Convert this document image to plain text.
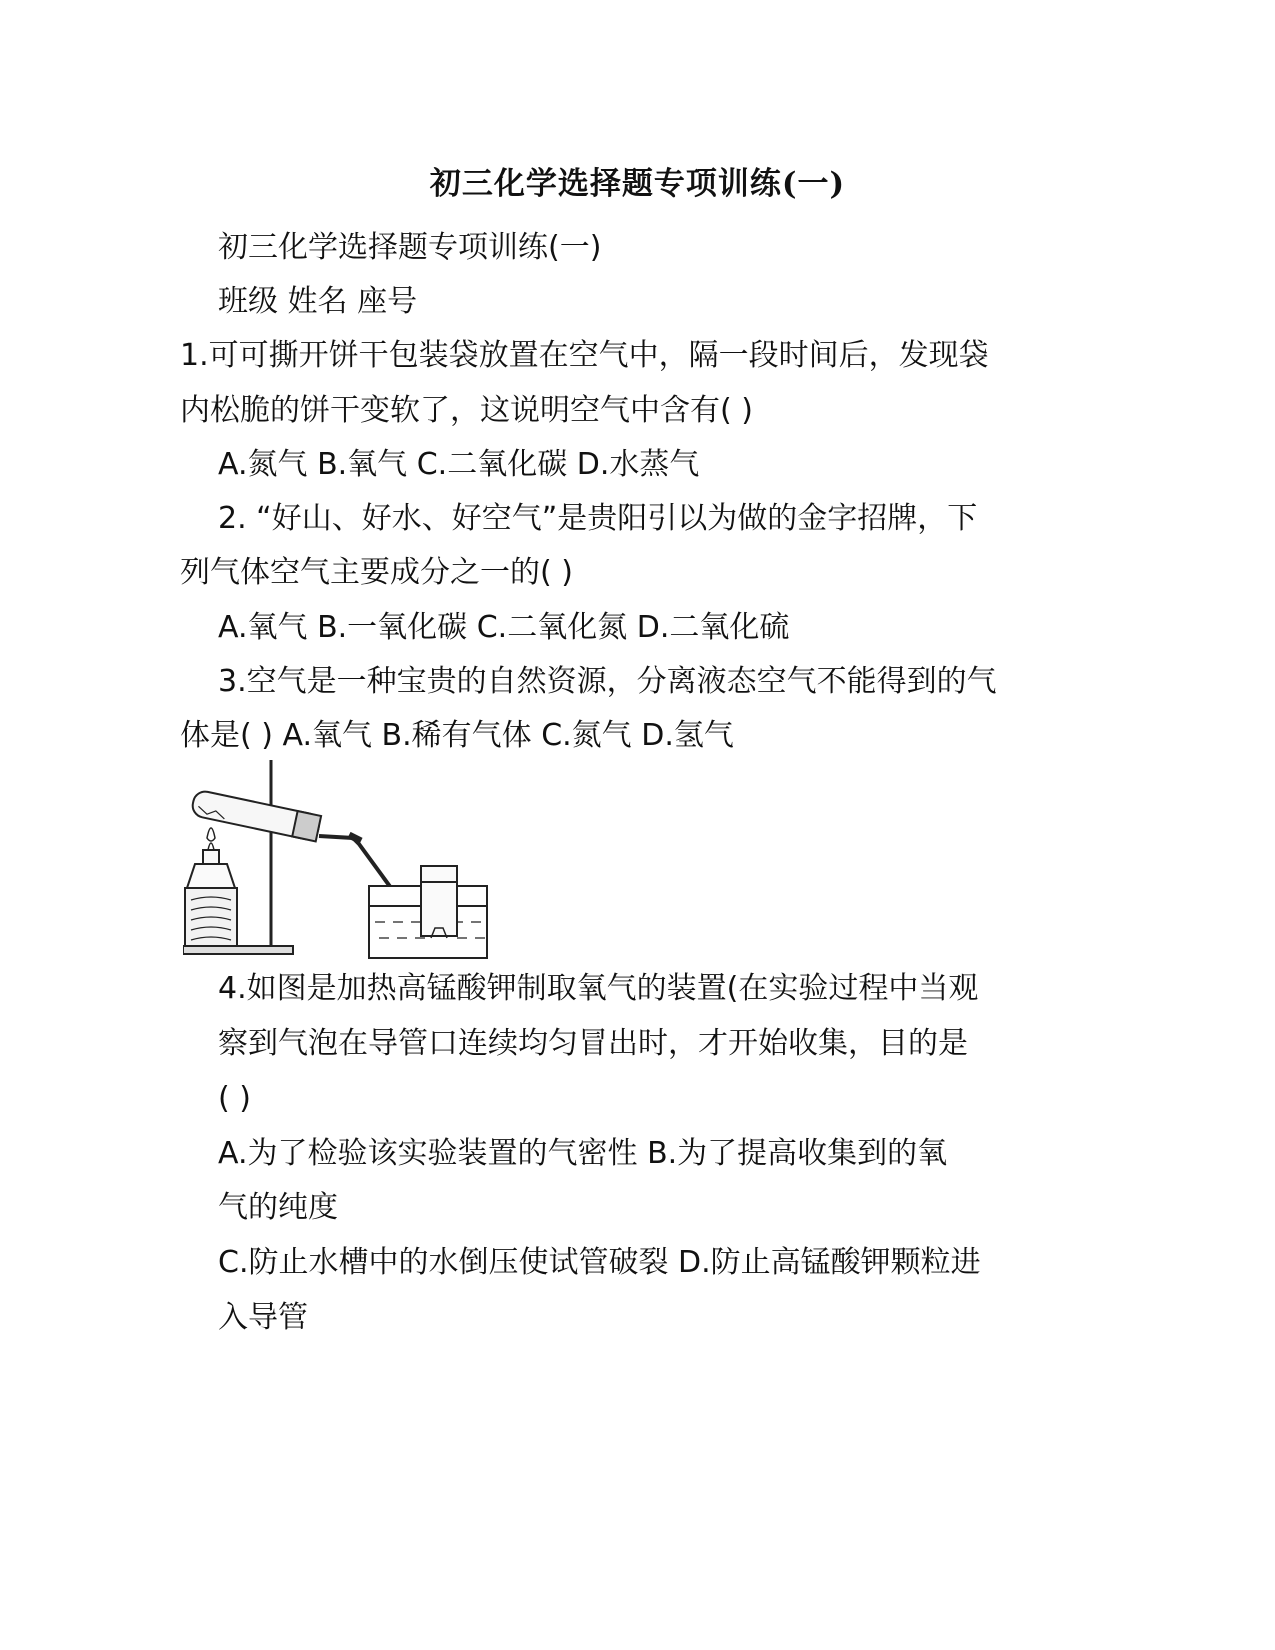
初三化学选择题专项训练(一)
初三化学选择题专项训练(一)
班级 姓名 座号
1.可可撕开饼干包装袋放置在空气中，隔一段时间后，发现袋
内松脆的饼干变软了，这说明空气中含有( )
A.氮气 B.氧气 C.二氧化碳 D.水蒸气
2. “好山、好水、好空气”是贵阳引以为做的金字招牌，下
列气体空气主要成分之一的( )
A.氧气 B.一氧化碳 C.二氧化氮 D.二氧化硫
3.空气是一种宝贵的自然资源，分离液态空气不能得到的气
体是( ) A.氧气 B.稀有气体 C.氮气 D.氢气
4.如图是加热高锰酸钾制取氧气的装置(在实验过程中当观
察到气泡在导管口连续均匀冒出时，才开始收集，目的是
( )
A.为了检验该实验装置的气密性 B.为了提高收集到的氧
气的纯度
C.防止水槽中的水倒压使试管破裂 D.防止高锰酸钾颗粒进
入导管
